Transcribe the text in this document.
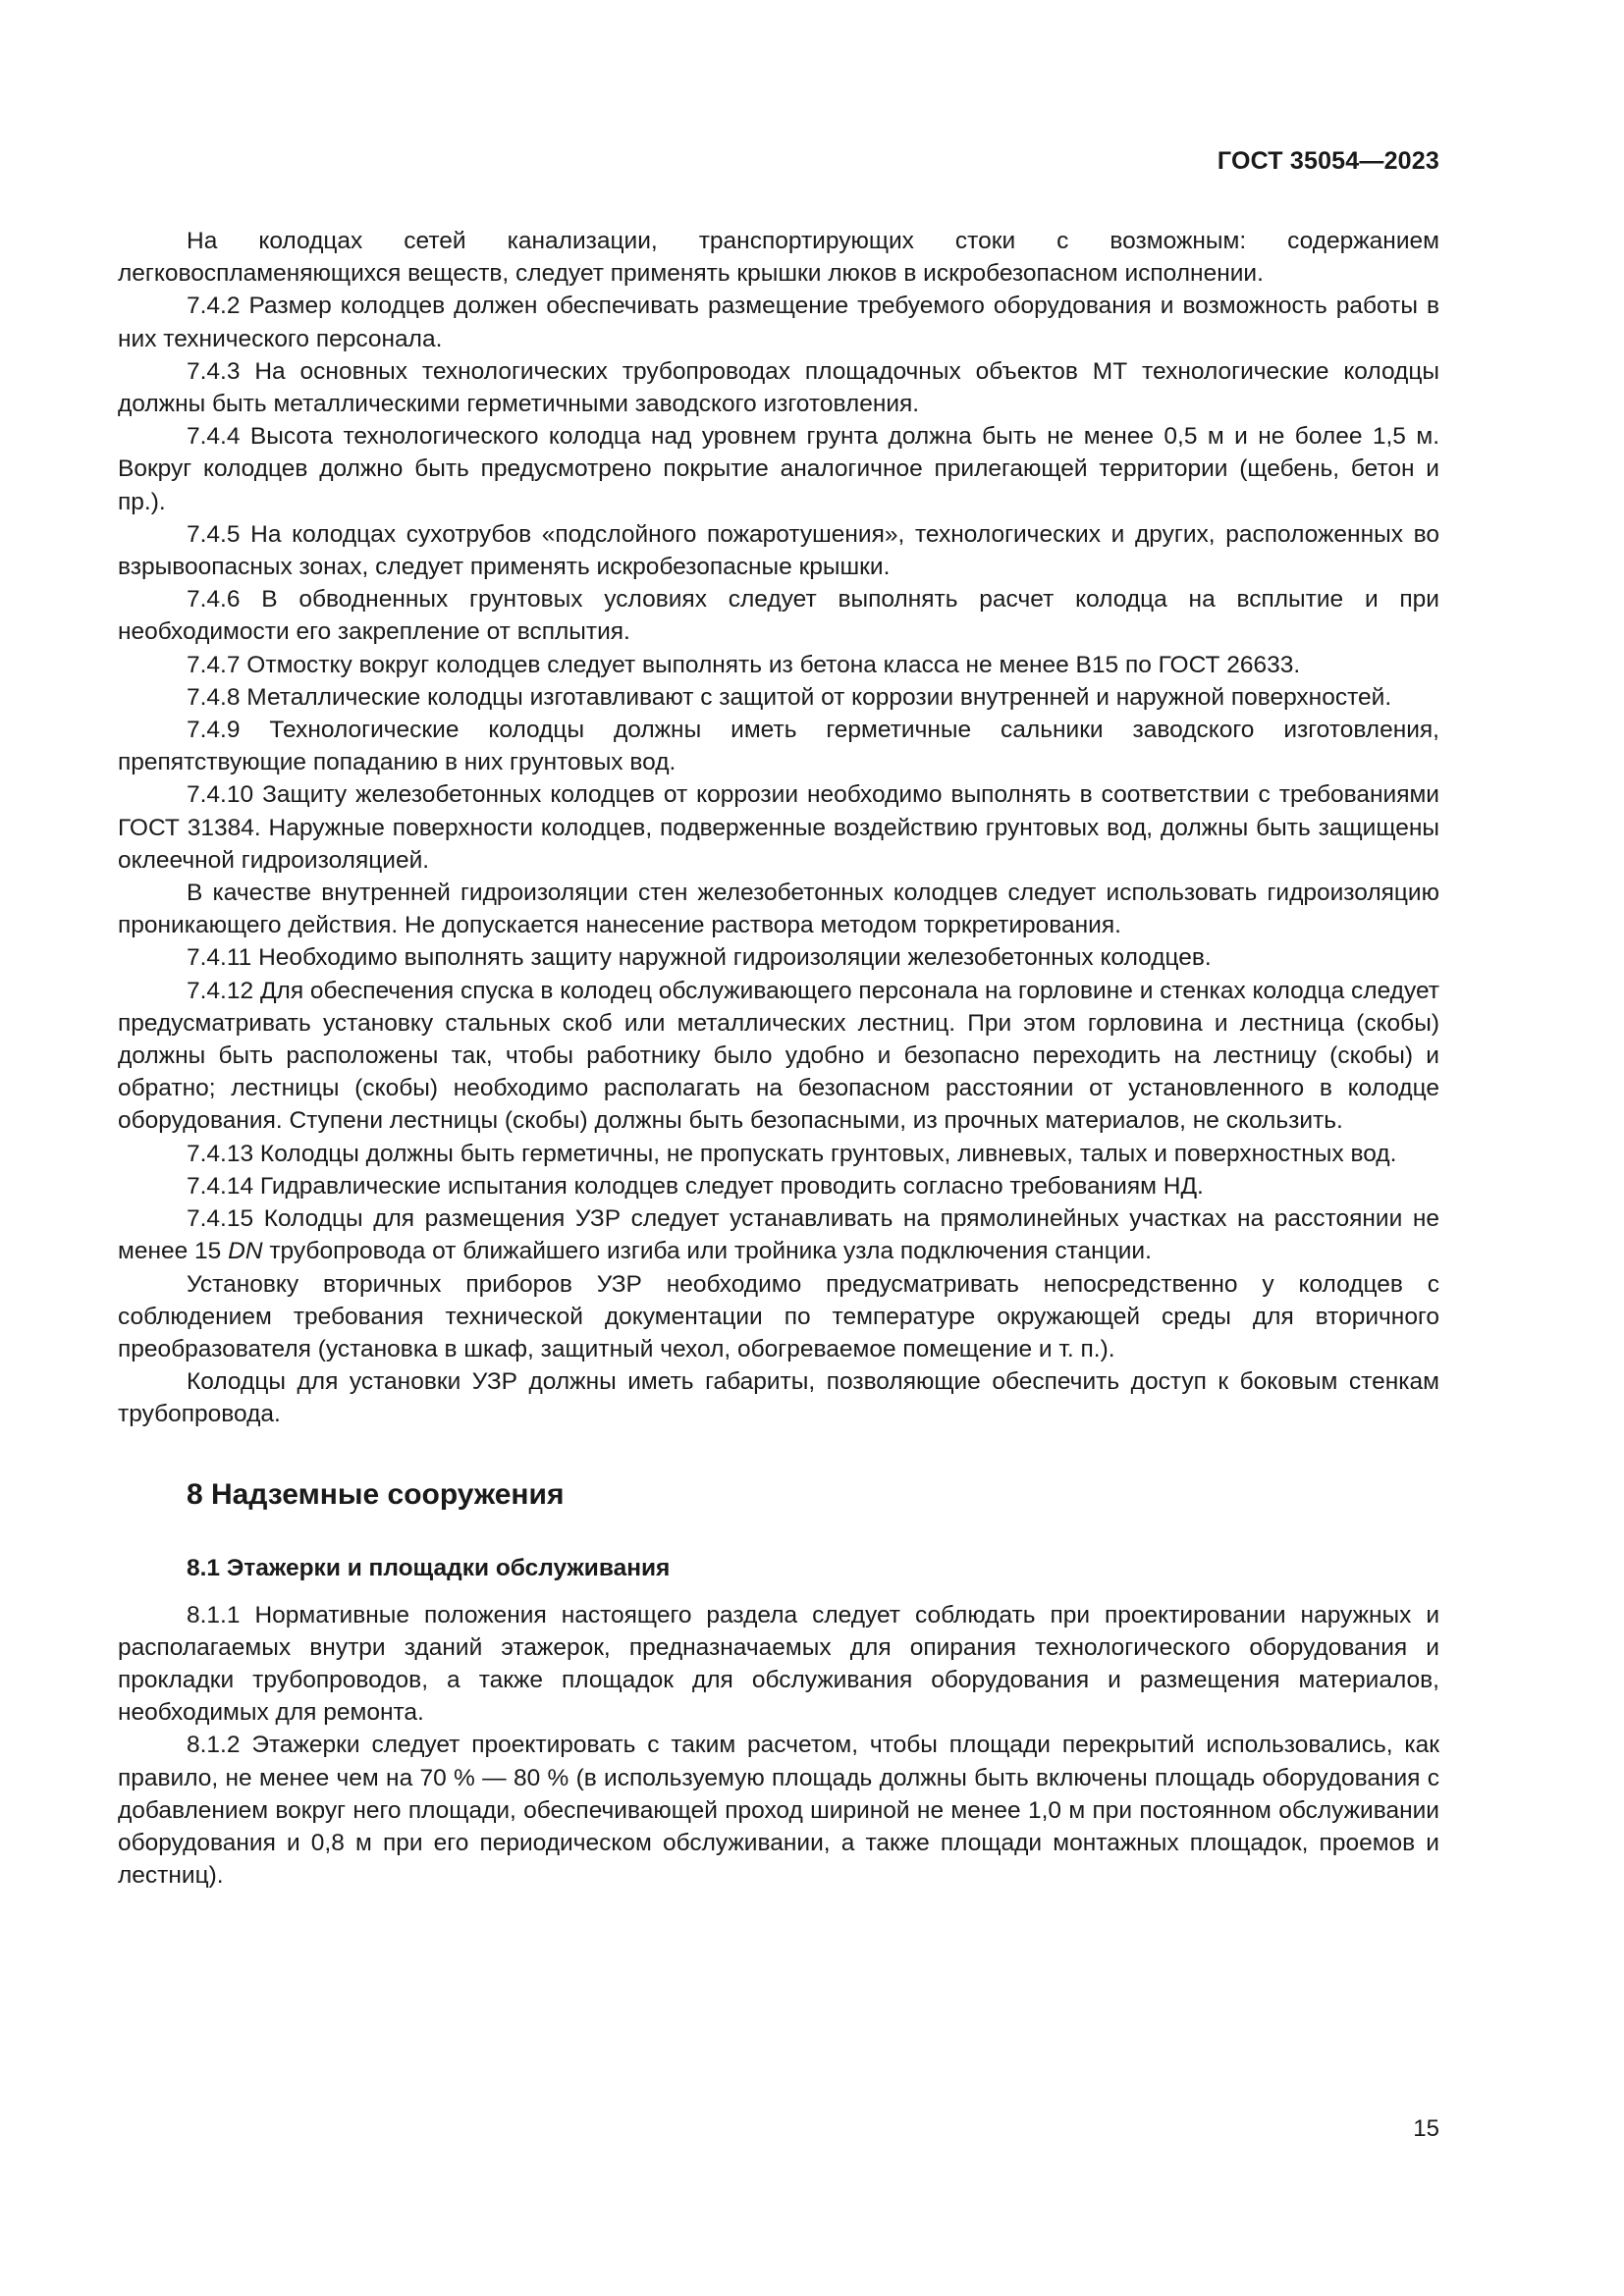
ГОСТ 35054—2023

На колодцах сетей канализации, транспортирующих стоки с возможным: содержанием легковоспламеняющихся веществ, следует применять крышки люков в искробезопасном исполнении.

7.4.2 Размер колодцев должен обеспечивать размещение требуемого оборудования и возможность работы в них технического персонала.

7.4.3 На основных технологических трубопроводах площадочных объектов МТ технологические колодцы должны быть металлическими герметичными заводского изготовления.

7.4.4 Высота технологического колодца над уровнем грунта должна быть не менее 0,5 м и не более 1,5 м. Вокруг колодцев должно быть предусмотрено покрытие аналогичное прилегающей территории (щебень, бетон и пр.).

7.4.5 На колодцах сухотрубов «подслойного пожаротушения», технологических и других, расположенных во взрывоопасных зонах, следует применять искробезопасные крышки.

7.4.6 В обводненных грунтовых условиях следует выполнять расчет колодца на всплытие и при необходимости его закрепление от всплытия.

7.4.7 Отмостку вокруг колодцев следует выполнять из бетона класса не менее В15 по ГОСТ 26633.

7.4.8 Металлические колодцы изготавливают с защитой от коррозии внутренней и наружной поверхностей.

7.4.9 Технологические колодцы должны иметь герметичные сальники заводского изготовления, препятствующие попаданию в них грунтовых вод.

7.4.10 Защиту железобетонных колодцев от коррозии необходимо выполнять в соответствии с требованиями ГОСТ 31384. Наружные поверхности колодцев, подверженные воздействию грунтовых вод, должны быть защищены оклеечной гидроизоляцией.

В качестве внутренней гидроизоляции стен железобетонных колодцев следует использовать гидроизоляцию проникающего действия. Не допускается нанесение раствора методом торкретирования.

7.4.11 Необходимо выполнять защиту наружной гидроизоляции железобетонных колодцев.

7.4.12 Для обеспечения спуска в колодец обслуживающего персонала на горловине и стенках колодца следует предусматривать установку стальных скоб или металлических лестниц. При этом горловина и лестница (скобы) должны быть расположены так, чтобы работнику было удобно и безопасно переходить на лестницу (скобы) и обратно; лестницы (скобы) необходимо располагать на безопасном расстоянии от установленного в колодце оборудования. Ступени лестницы (скобы) должны быть безопасными, из прочных материалов, не скользить.

7.4.13 Колодцы должны быть герметичны, не пропускать грунтовых, ливневых, талых и поверхностных вод.

7.4.14 Гидравлические испытания колодцев следует проводить согласно требованиям НД.

7.4.15 Колодцы для размещения УЗР следует устанавливать на прямолинейных участках на расстоянии не менее 15 DN трубопровода от ближайшего изгиба или тройника узла подключения станции.

Установку вторичных приборов УЗР необходимо предусматривать непосредственно у колодцев с соблюдением требования технической документации по температуре окружающей среды для вторичного преобразователя (установка в шкаф, защитный чехол, обогреваемое помещение и т. п.).

Колодцы для установки УЗР должны иметь габариты, позволяющие обеспечить доступ к боковым стенкам трубопровода.

8 Надземные сооружения
8.1 Этажерки и площадки обслуживания

8.1.1 Нормативные положения настоящего раздела следует соблюдать при проектировании наружных и располагаемых внутри зданий этажерок, предназначаемых для опирания технологического оборудования и прокладки трубопроводов, а также площадок для обслуживания оборудования и размещения материалов, необходимых для ремонта.

8.1.2 Этажерки следует проектировать с таким расчетом, чтобы площади перекрытий использовались, как правило, не менее чем на 70 % — 80 % (в используемую площадь должны быть включены площадь оборудования с добавлением вокруг него площади, обеспечивающей проход шириной не менее 1,0 м при постоянном обслуживании оборудования и 0,8 м при его периодическом обслуживании, а также площади монтажных площадок, проемов и лестниц).

15
